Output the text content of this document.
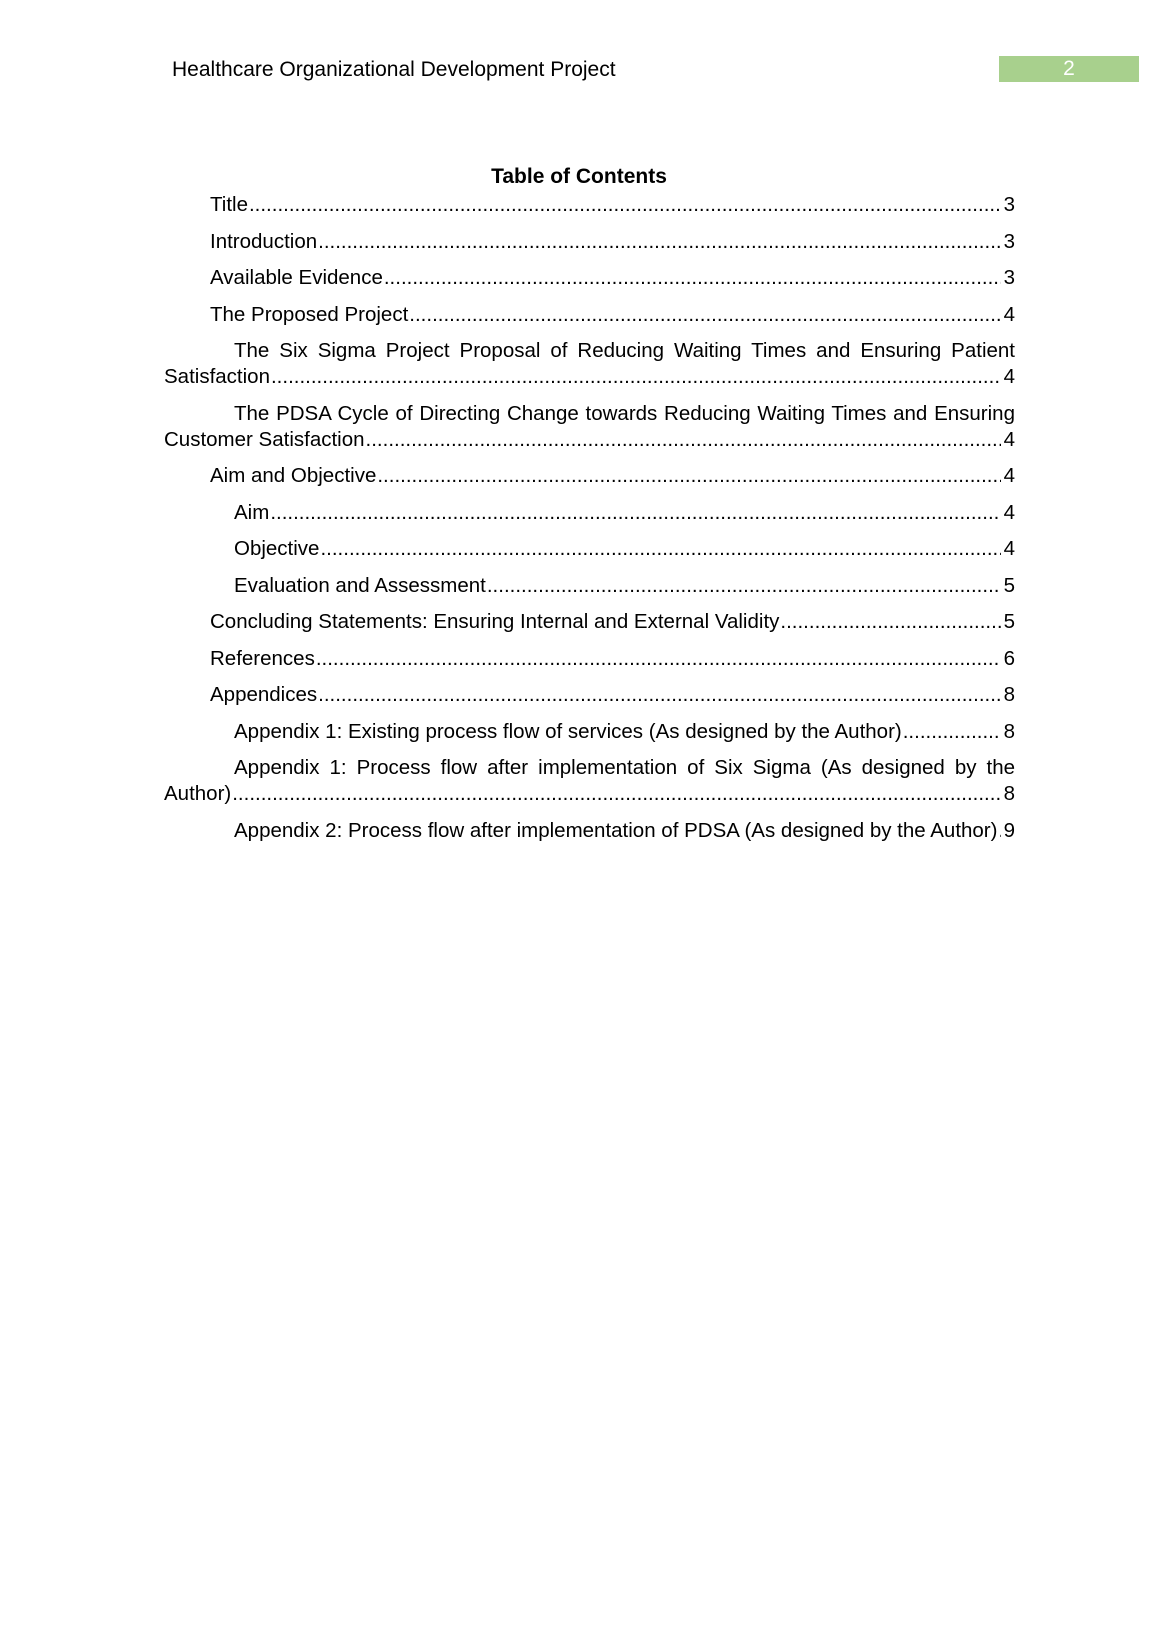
Healthcare Organizational Development Project	2
Table of Contents
Title .....	3
Introduction .....	3
Available Evidence .....	3
The Proposed Project .....	4
The Six Sigma Project Proposal of Reducing Waiting Times and Ensuring Patient Satisfaction .....	4
The PDSA Cycle of Directing Change towards Reducing Waiting Times and Ensuring Customer Satisfaction .....	4
Aim and Objective .....	4
Aim .....	4
Objective .....	4
Evaluation and Assessment .....	5
Concluding Statements: Ensuring Internal and External Validity .....	5
References .....	6
Appendices .....	8
Appendix 1: Existing process flow of services (As designed by the Author) .....	8
Appendix 1: Process flow after implementation of Six Sigma (As designed by the Author) .....	8
Appendix 2: Process flow after implementation of PDSA (As designed by the Author) ..... 9
